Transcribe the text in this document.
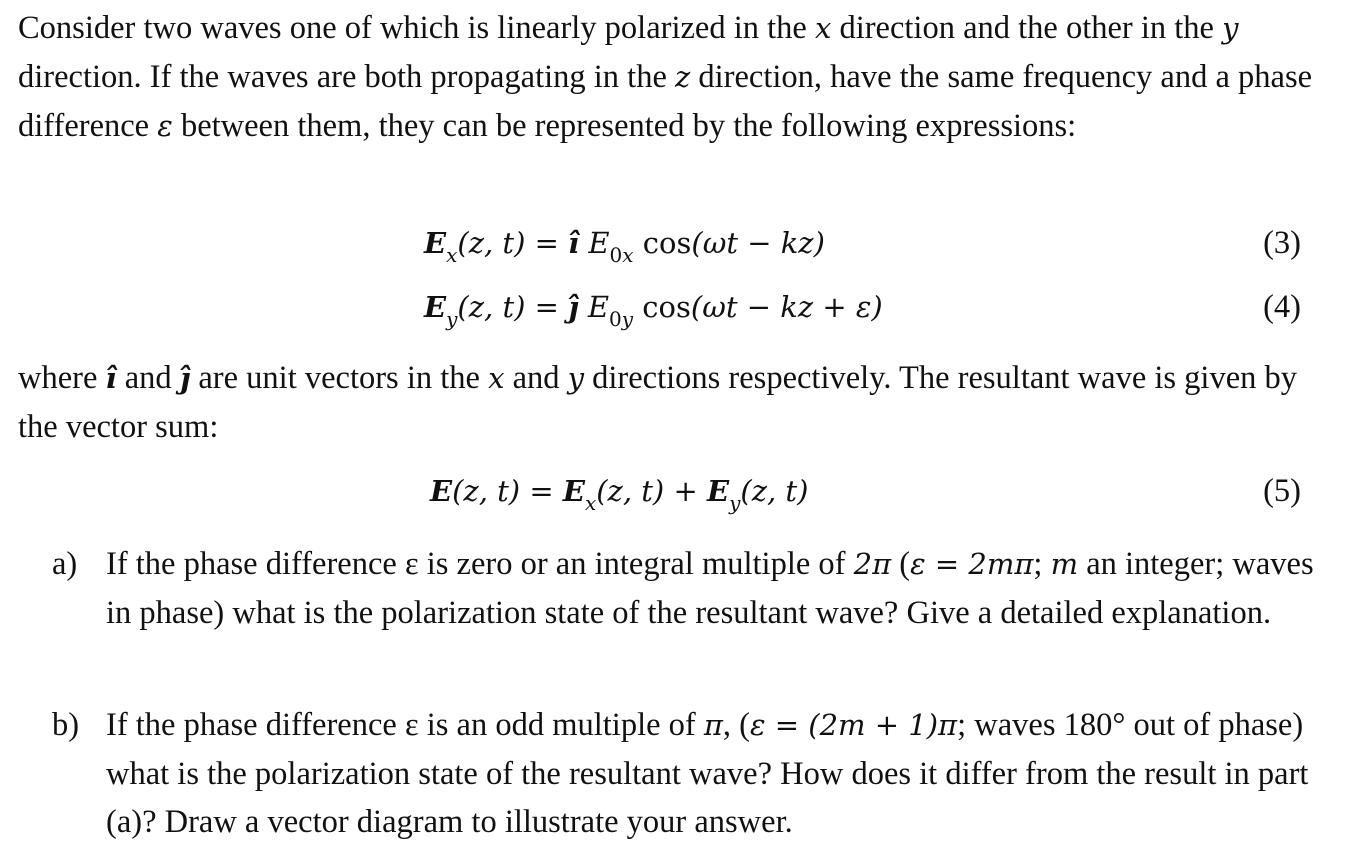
Consider two waves one of which is linearly polarized in the x direction and the other in the y direction. If the waves are both propagating in the z direction, have the same frequency and a phase difference ε between them, they can be represented by the following expressions:
$E_x(z$, t) = î $E_{0x}$ cos(ωt − kz)	(3)
$E_y(z$, t) = ĵ $E_{0y}$ cos(ωt − kz + ε)	(4)
where î and ĵ are unit vectors in the x and y directions respectively. The resultant wave is given by the vector sum:
E(z, $t) = E_x(z$, $t) + E_y(z$, t)	(5)
a) If the phase difference ε is zero or an integral multiple of 2π (ε = 2mπ; m an integer; waves in phase) what is the polarization state of the resultant wave? Give a detailed explanation.
b) If the phase difference ε is an odd multiple of π, (ε = (2m + 1)π; waves 180° out of phase) what is the polarization state of the resultant wave? How does it differ from the result in part (a)? Draw a vector diagram to illustrate your answer.
